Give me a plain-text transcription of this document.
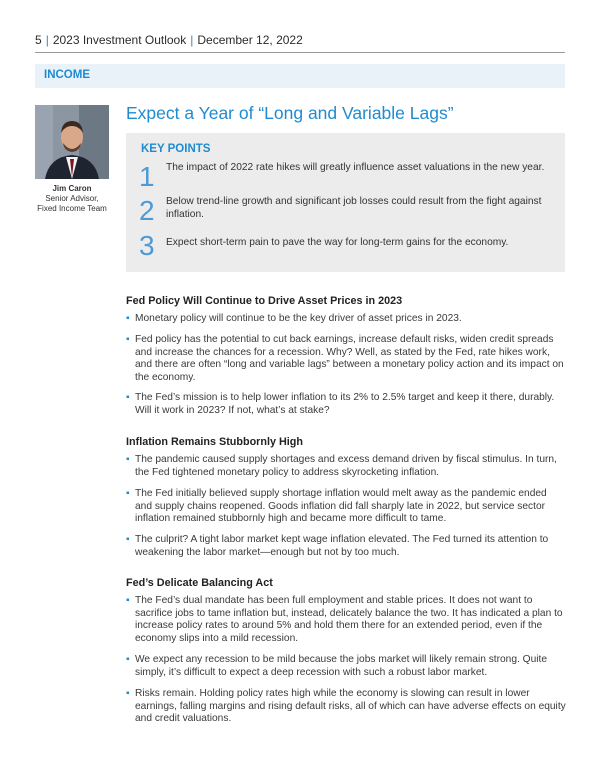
5 | 2023 Investment Outlook | December 12, 2022
INCOME
Jim Caron
Senior Advisor,
Fixed Income Team
Expect a Year of “Long and Variable Lags”
KEY POINTS
1 The impact of 2022 rate hikes will greatly influence asset valuations in the new year.
2 Below trend-line growth and significant job losses could result from the fight against inflation.
3 Expect short-term pain to pave the way for long-term gains for the economy.
Fed Policy Will Continue to Drive Asset Prices in 2023
▪ Monetary policy will continue to be the key driver of asset prices in 2023.
▪ Fed policy has the potential to cut back earnings, increase default risks, widen credit spreads and increase the chances for a recession. Why? Well, as stated by the Fed, rate hikes work, and there are often “long and variable lags” between a monetary policy action and its impact on the economy.
▪ The Fed’s mission is to help lower inflation to its 2% to 2.5% target and keep it there, durably. Will it work in 2023? If not, what’s at stake?
Inflation Remains Stubbornly High
▪ The pandemic caused supply shortages and excess demand driven by fiscal stimulus. In turn, the Fed tightened monetary policy to address skyrocketing inflation.
▪ The Fed initially believed supply shortage inflation would melt away as the pandemic ended and supply chains reopened. Goods inflation did fall sharply late in 2022, but service sector inflation remained stubbornly high and became more difficult to tame.
▪ The culprit? A tight labor market kept wage inflation elevated. The Fed turned its attention to weakening the labor market—enough but not by too much.
Fed’s Delicate Balancing Act
▪ The Fed’s dual mandate has been full employment and stable prices. It does not want to sacrifice jobs to tame inflation but, instead, delicately balance the two. It has indicated a plan to increase policy rates to around 5% and hold them there for an extended period, even if the economy slips into a mild recession.
▪ We expect any recession to be mild because the jobs market will likely remain strong. Quite simply, it’s difficult to expect a deep recession with such a robust labor market.
▪ Risks remain. Holding policy rates high while the economy is slowing can result in lower earnings, falling margins and rising default risks, all of which can have adverse effects on equity and credit valuations.
